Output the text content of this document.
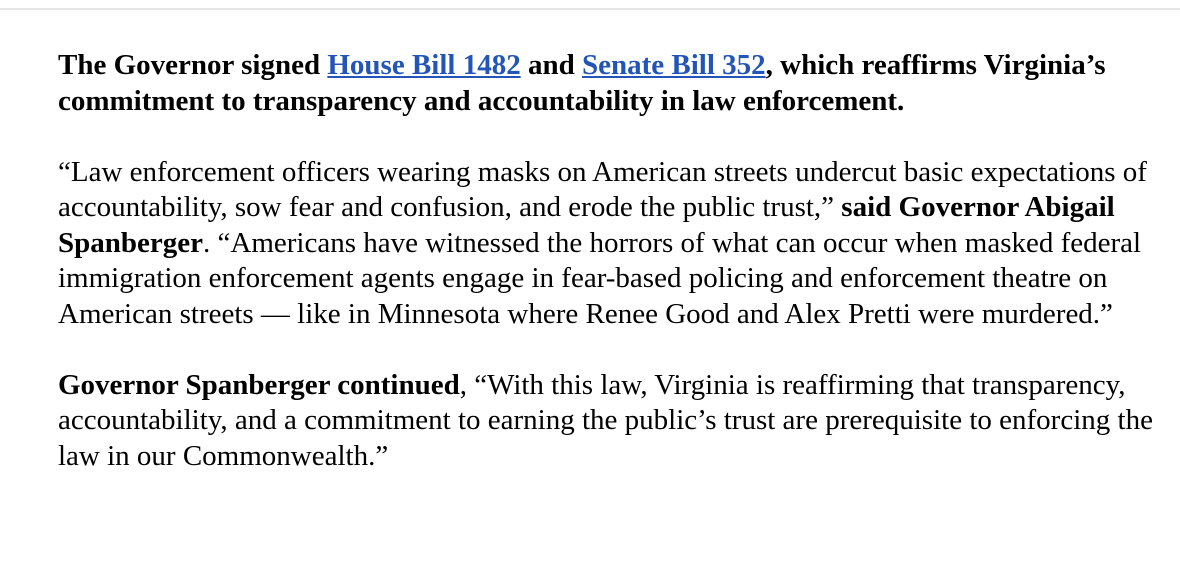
The Governor signed House Bill 1482 and Senate Bill 352, which reaffirms Virginia’s commitment to transparency and accountability in law enforcement.

“Law enforcement officers wearing masks on American streets undercut basic expectations of accountability, sow fear and confusion, and erode the public trust,” said Governor Abigail Spanberger. “Americans have witnessed the horrors of what can occur when masked federal immigration enforcement agents engage in fear-based policing and enforcement theatre on American streets — like in Minnesota where Renee Good and Alex Pretti were murdered.”

Governor Spanberger continued, “With this law, Virginia is reaffirming that transparency, accountability, and a commitment to earning the public’s trust are prerequisite to enforcing the law in our Commonwealth.”
